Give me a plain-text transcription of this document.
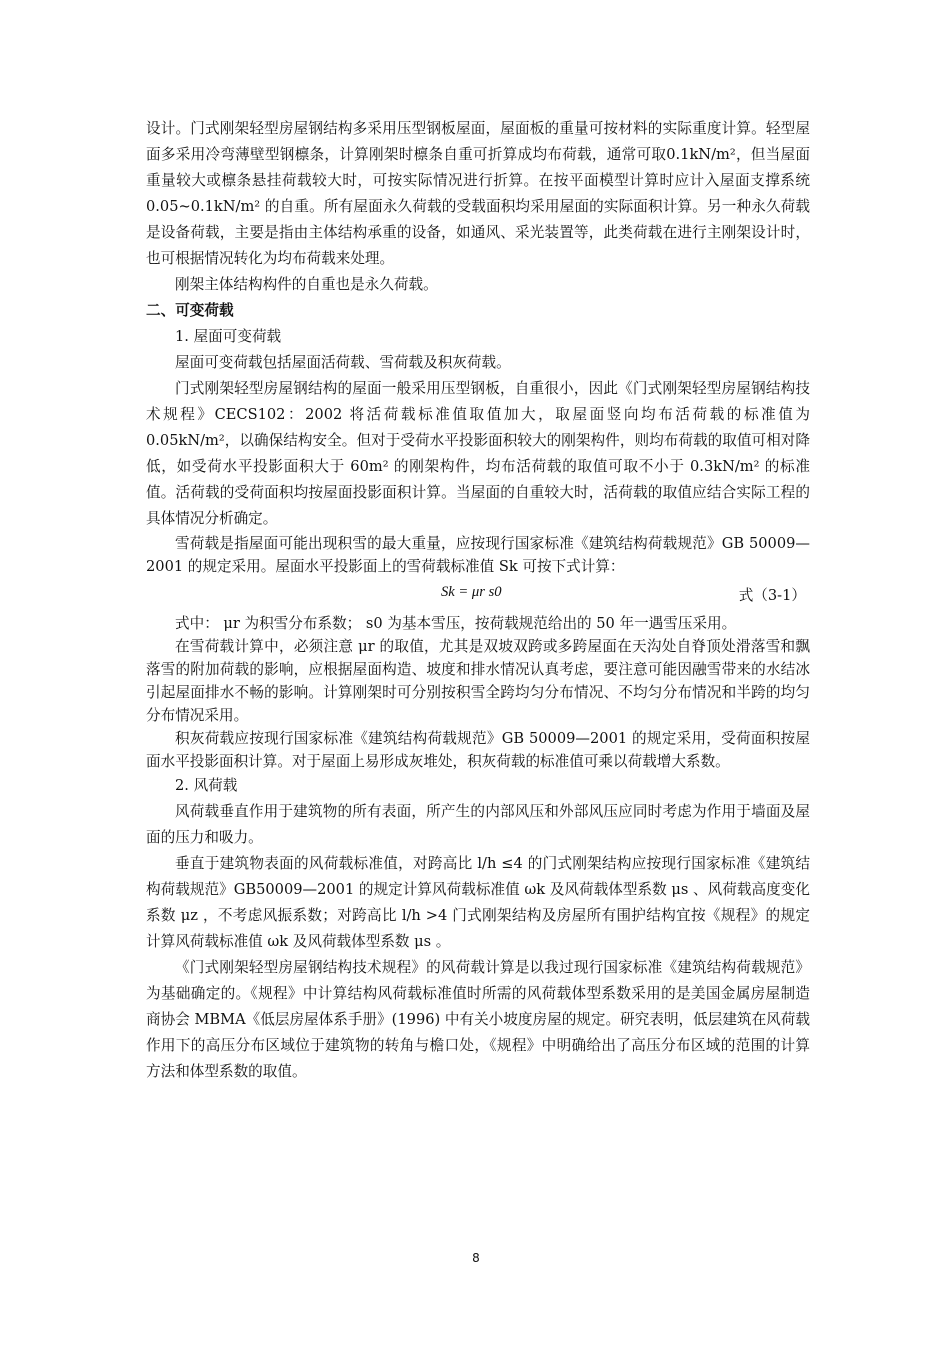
设计。门式刚架轻型房屋钢结构多采用压型钢板屋面，屋面板的重量可按材料的实际重度计算。轻型屋面多采用冷弯薄壁型钢檩条，计算刚架时檩条自重可折算成均布荷载，通常可取0.1kN/m²，但当屋面重量较大或檩条悬挂荷载较大时，可按实际情况进行折算。在按平面模型计算时应计入屋面支撑系统 0.05~0.1kN/m² 的自重。所有屋面永久荷载的受载面积均采用屋面的实际面积计算。另一种永久荷载是设备荷载，主要是指由主体结构承重的设备，如通风、采光装置等，此类荷载在进行主刚架设计时，也可根据情况转化为均布荷载来处理。

刚架主体结构构件的自重也是永久荷载。

二、可变荷载

1. 屋面可变荷载

屋面可变荷载包括屋面活荷载、雪荷载及积灰荷载。

门式刚架轻型房屋钢结构的屋面一般采用压型钢板，自重很小，因此《门式刚架轻型房屋钢结构技术规程》CECS102：2002 将活荷载标准值取值加大，取屋面竖向均布活荷载的标准值为 0.05kN/m²，以确保结构安全。但对于受荷水平投影面积较大的刚架构件，则均布荷载的取值可相对降低，如受荷水平投影面积大于 60m² 的刚架构件，均布活荷载的取值可取不小于 0.3kN/m² 的标准值。活荷载的受荷面积均按屋面投影面积计算。当屋面的自重较大时，活荷载的取值应结合实际工程的具体情况分析确定。

雪荷载是指屋面可能出现积雪的最大重量，应按现行国家标准《建筑结构荷载规范》GB 50009—2001 的规定采用。屋面水平投影面上的雪荷载标准值 Sk 可按下式计算：

Sk = μr s0	式（3-1）

式中： μr 为积雪分布系数； s0 为基本雪压，按荷载规范给出的 50 年一遇雪压采用。

在雪荷载计算中，必须注意 μr 的取值，尤其是双坡双跨或多跨屋面在天沟处自脊顶处滑落雪和飘落雪的附加荷载的影响，应根据屋面构造、坡度和排水情况认真考虑，要注意可能因融雪带来的水结冰引起屋面排水不畅的影响。计算刚架时可分别按积雪全跨均匀分布情况、不均匀分布情况和半跨的均匀分布情况采用。

积灰荷载应按现行国家标准《建筑结构荷载规范》GB 50009—2001 的规定采用，受荷面积按屋面水平投影面积计算。对于屋面上易形成灰堆处，积灰荷载的标准值可乘以荷载增大系数。

2. 风荷载

风荷载垂直作用于建筑物的所有表面，所产生的内部风压和外部风压应同时考虑为作用于墙面及屋面的压力和吸力。

垂直于建筑物表面的风荷载标准值，对跨高比 l/h ≤4 的门式刚架结构应按现行国家标准《建筑结构荷载规范》GB50009—2001 的规定计算风荷载标准值 ωk 及风荷载体型系数 μs 、风荷载高度变化系数 μz ，不考虑风振系数；对跨高比 l/h >4 门式刚架结构及房屋所有围护结构宜按《规程》的规定计算风荷载标准值 ωk 及风荷载体型系数 μs 。

《门式刚架轻型房屋钢结构技术规程》的风荷载计算是以我过现行国家标准《建筑结构荷载规范》为基础确定的。《规程》中计算结构风荷载标准值时所需的风荷载体型系数采用的是美国金属房屋制造商协会 MBMA《低层房屋体系手册》(1996) 中有关小坡度房屋的规定。研究表明，低层建筑在风荷载作用下的高压分布区域位于建筑物的转角与檐口处，《规程》中明确给出了高压分布区域的范围的计算方法和体型系数的取值。

8
